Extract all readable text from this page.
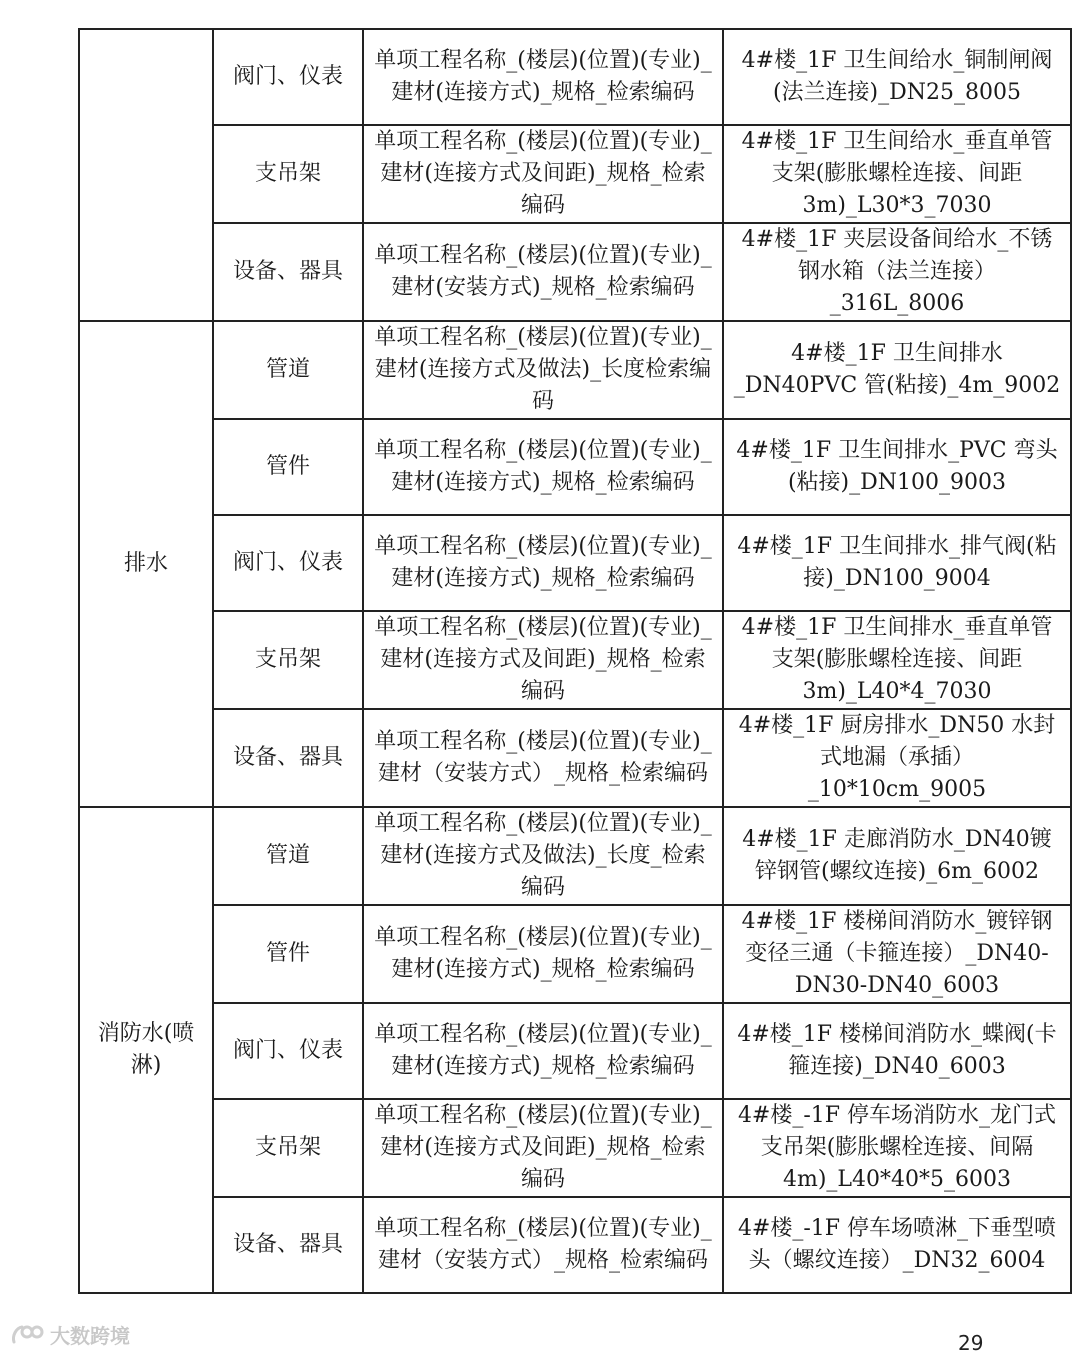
	阀门、仪表	单项工程名称_(楼层)(位置)(专业)_建材(连接方式)_规格_检索编码	4#楼_1F 卫生间给水_铜制闸阀(法兰连接)_DN25_8005
	支吊架	单项工程名称_(楼层)(位置)(专业)_建材(连接方式及间距)_规格_检索编码	4#楼_1F 卫生间给水_垂直单管支架(膨胀螺栓连接、间距3m)_L30*3_7030
	设备、器具	单项工程名称_(楼层)(位置)(专业)_建材(安装方式)_规格_检索编码	4#楼_1F 夹层设备间给水_不锈钢水箱（法兰连接）_316L_8006
排水	管道	单项工程名称_(楼层)(位置)(专业)_建材(连接方式及做法)_长度检索编码	4#楼_1F 卫生间排水_DN40PVC 管(粘接)_4m_9002
	管件	单项工程名称_(楼层)(位置)(专业)_建材(连接方式)_规格_检索编码	4#楼_1F 卫生间排水_PVC 弯头(粘接)_DN100_9003
	阀门、仪表	单项工程名称_(楼层)(位置)(专业)_建材(连接方式)_规格_检索编码	4#楼_1F 卫生间排水_排气阀(粘接)_DN100_9004
	支吊架	单项工程名称_(楼层)(位置)(专业)_建材(连接方式及间距)_规格_检索编码	4#楼_1F 卫生间排水_垂直单管支架(膨胀螺栓连接、间距3m)_L40*4_7030
	设备、器具	单项工程名称_(楼层)(位置)(专业)_建材（安装方式）_规格_检索编码	4#楼_1F 厨房排水_DN50 水封式地漏（承插）_10*10cm_9005
消防水(喷淋)	管道	单项工程名称_(楼层)(位置)(专业)_建材(连接方式及做法)_长度_检索编码	4#楼_1F 走廊消防水_DN40镀锌钢管(螺纹连接)_6m_6002
	管件	单项工程名称_(楼层)(位置)(专业)_建材(连接方式)_规格_检索编码	4#楼_1F 楼梯间消防水_镀锌钢变径三通（卡箍连接）_DN40-DN30-DN40_6003
	阀门、仪表	单项工程名称_(楼层)(位置)(专业)_建材(连接方式)_规格_检索编码	4#楼_1F 楼梯间消防水_蝶阀(卡箍连接)_DN40_6003
	支吊架	单项工程名称_(楼层)(位置)(专业)_建材(连接方式及间距)_规格_检索编码	4#楼_-1F 停车场消防水_龙门式支吊架(膨胀螺栓连接、间隔 4m)_L40*40*5_6003
	设备、器具	单项工程名称_(楼层)(位置)(专业)_建材（安装方式）_规格_检索编码	4#楼_-1F 停车场喷淋_下垂型喷头（螺纹连接）_DN32_6004
大数跨境	29
